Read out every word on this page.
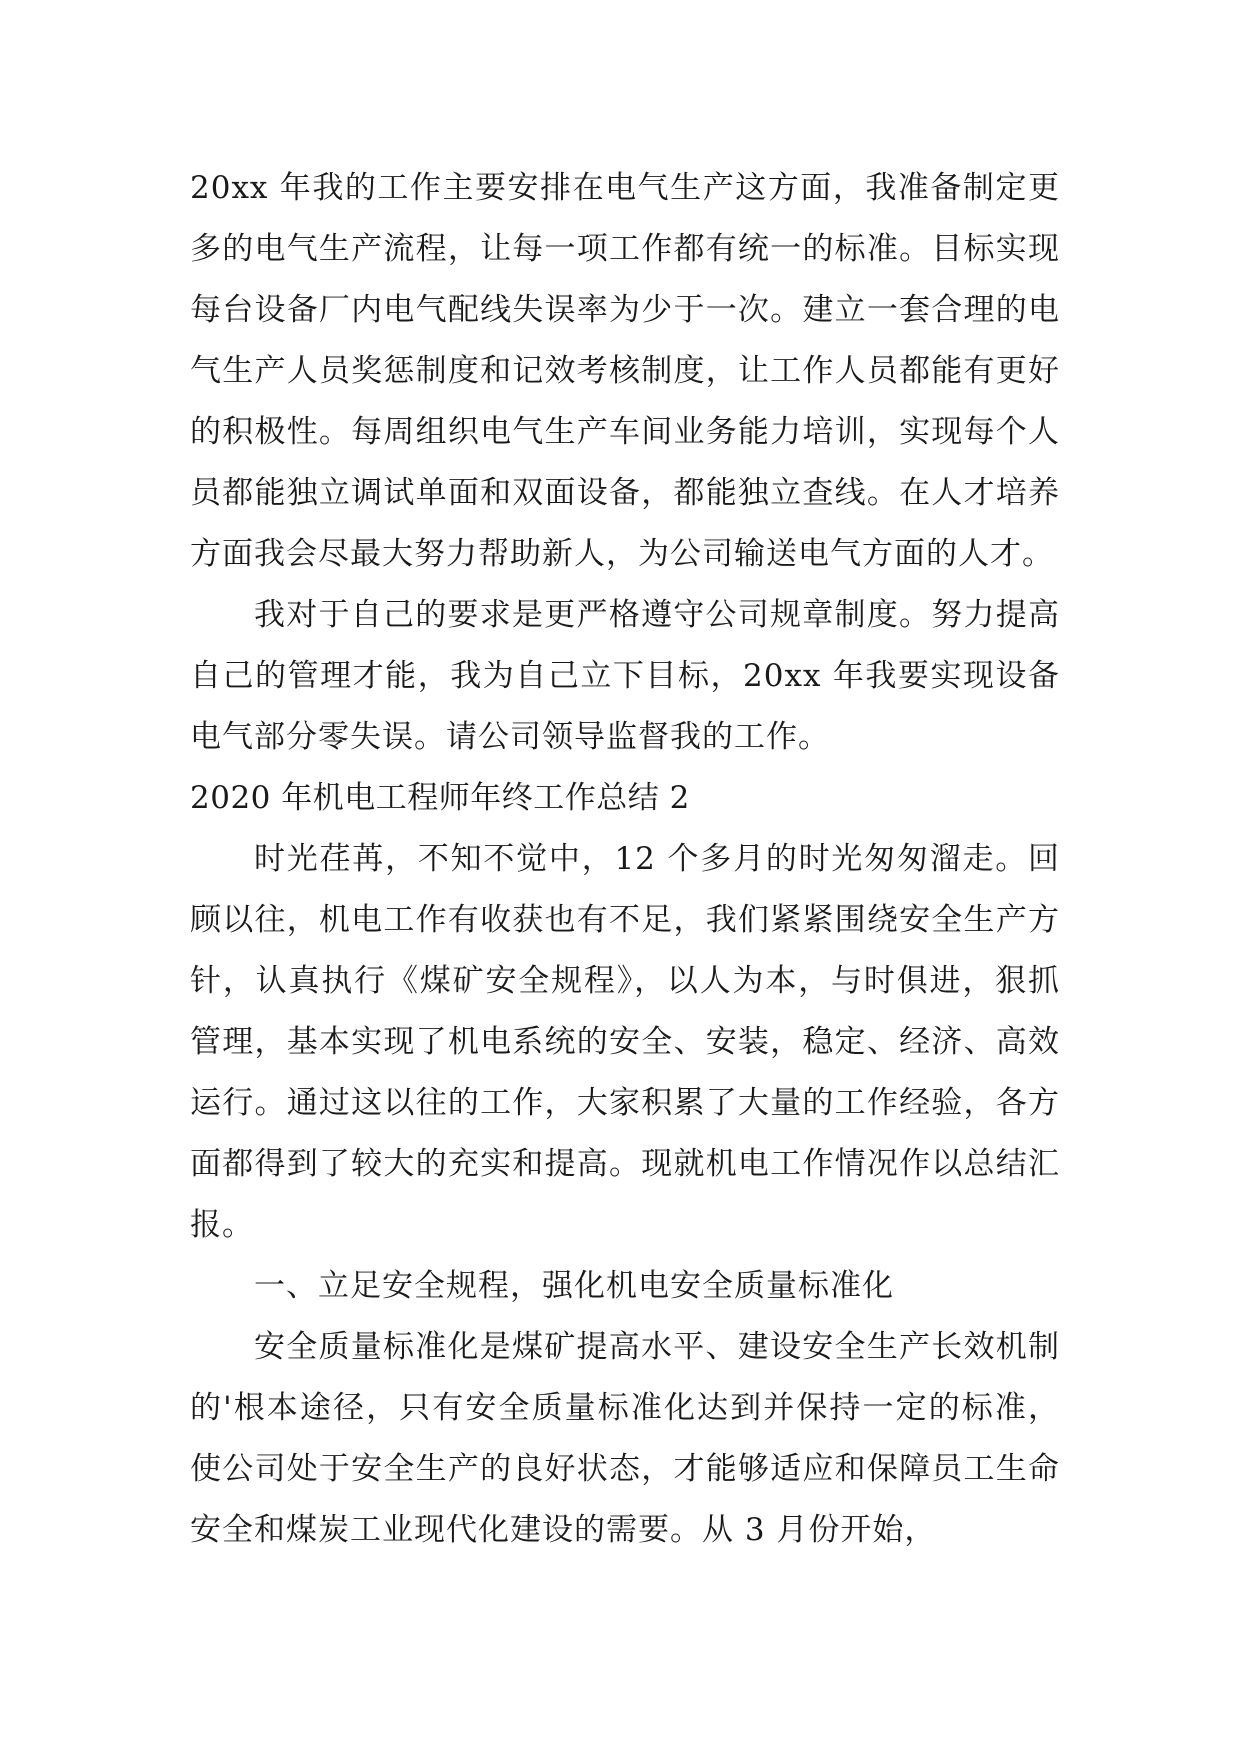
20xx 年我的工作主要安排在电气生产这方面，我准备制定更多的电气生产流程，让每一项工作都有统一的标准。目标实现每台设备厂内电气配线失误率为少于一次。建立一套合理的电气生产人员奖惩制度和记效考核制度，让工作人员都能有更好的积极性。每周组织电气生产车间业务能力培训，实现每个人员都能独立调试单面和双面设备，都能独立查线。在人才培养方面我会尽最大努力帮助新人，为公司输送电气方面的人才。

我对于自己的要求是更严格遵守公司规章制度。努力提高自己的管理才能，我为自己立下目标，20xx 年我要实现设备电气部分零失误。请公司领导监督我的工作。

2020 年机电工程师年终工作总结 2

时光荏苒，不知不觉中，12 个多月的时光匆匆溜走。回顾以往，机电工作有收获也有不足，我们紧紧围绕安全生产方针，认真执行《煤矿安全规程》，以人为本，与时俱进，狠抓管理，基本实现了机电系统的安全、安装，稳定、经济、高效运行。通过这以往的工作，大家积累了大量的工作经验，各方面都得到了较大的充实和提高。现就机电工作情况作以总结汇报。

一、立足安全规程，强化机电安全质量标准化

安全质量标准化是煤矿提高水平、建设安全生产长效机制的'根本途径，只有安全质量标准化达到并保持一定的标准，使公司处于安全生产的良好状态，才能够适应和保障员工生命安全和煤炭工业现代化建设的需要。从 3 月份开始，
